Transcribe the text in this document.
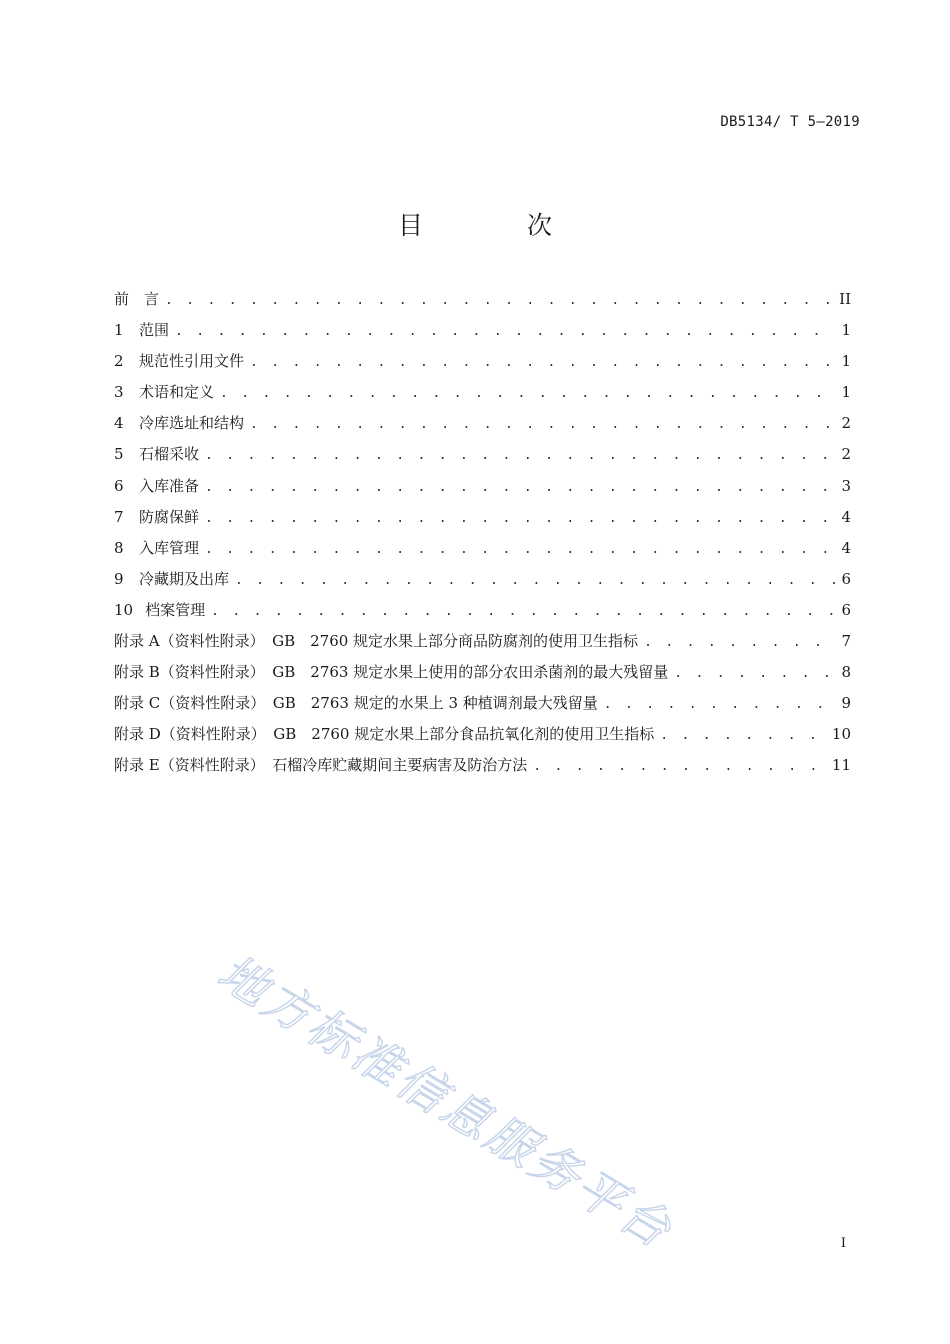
DB5134/ T 5—2019
目 次
前　言 . . .	II
1 范围 . . .	1
2 规范性引用文件 . . .	1
3 术语和定义 . . .	1
4 冷库选址和结构 . . .	2
5 石榴采收 . . .	2
6 入库准备 . . .	3
7 防腐保鲜 . . .	4
8 入库管理 . . .	4
9 冷藏期及出库 . . .	6
10 档案管理 . . .	6
附录 A（资料性附录）　GB　2760 规定水果上部分商品防腐剂的使用卫生指标 . . .	7
附录 B（资料性附录）　GB　2763 规定水果上使用的部分农田杀菌剂的最大残留量 . . .	8
附录 C（资料性附录）　GB　2763 规定的水果上 3 种植调剂最大残留量 . . .	9
附录 D（资料性附录）　GB　2760 规定水果上部分食品抗氧化剂的使用卫生指标 . . .	10
附录 E（资料性附录）　石榴冷库贮藏期间主要病害及防治方法 . . .	11
地方标准信息服务平台	I
